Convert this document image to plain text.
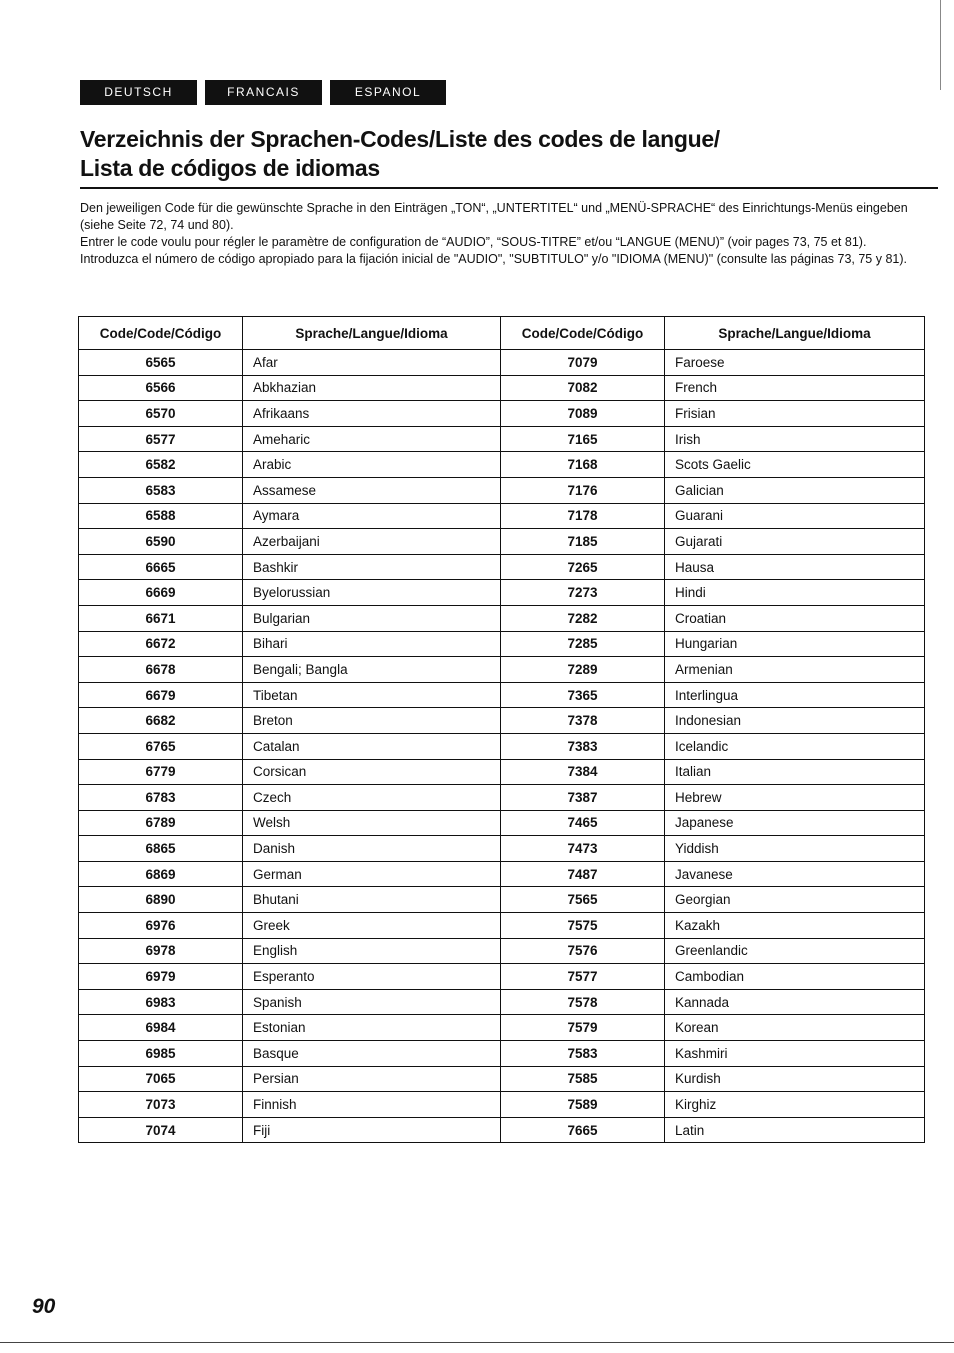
DEUTSCH	FRANCAIS	ESPANOL
Verzeichnis der Sprachen-Codes/Liste des codes de langue/
Lista de códigos de idiomas

Den jeweiligen Code für die gewünschte Sprache in den Einträgen „TON“, „UNTERTITEL“ und „MENÜ-SPRACHE“ des Einrichtungs-Menüs eingeben (siehe Seite 72, 74 und 80).

Entrer le code voulu pour régler le paramètre de configuration de “AUDIO”, “SOUS-TITRE” et/ou “LANGUE (MENU)” (voir pages 73, 75 et 81).

Introduzca el número de código apropiado para la fijación inicial de "AUDIO", "SUBTITULO" y/o "IDIOMA (MENU)" (consulte las páginas 73, 75 y 81).

Code/Code/Código	Sprache/Langue/Idioma	Code/Code/Código	Sprache/Langue/Idioma
6565	Afar	7079	Faroese
6566	Abkhazian	7082	French
6570	Afrikaans	7089	Frisian
6577	Ameharic	7165	Irish
6582	Arabic	7168	Scots Gaelic
6583	Assamese	7176	Galician
6588	Aymara	7178	Guarani
6590	Azerbaijani	7185	Gujarati
6665	Bashkir	7265	Hausa
6669	Byelorussian	7273	Hindi
6671	Bulgarian	7282	Croatian
6672	Bihari	7285	Hungarian
6678	Bengali; Bangla	7289	Armenian
6679	Tibetan	7365	Interlingua
6682	Breton	7378	Indonesian
6765	Catalan	7383	Icelandic
6779	Corsican	7384	Italian
6783	Czech	7387	Hebrew
6789	Welsh	7465	Japanese
6865	Danish	7473	Yiddish
6869	German	7487	Javanese
6890	Bhutani	7565	Georgian
6976	Greek	7575	Kazakh
6978	English	7576	Greenlandic
6979	Esperanto	7577	Cambodian
6983	Spanish	7578	Kannada
6984	Estonian	7579	Korean
6985	Basque	7583	Kashmiri
7065	Persian	7585	Kurdish
7073	Finnish	7589	Kirghiz
7074	Fiji	7665	Latin
90
